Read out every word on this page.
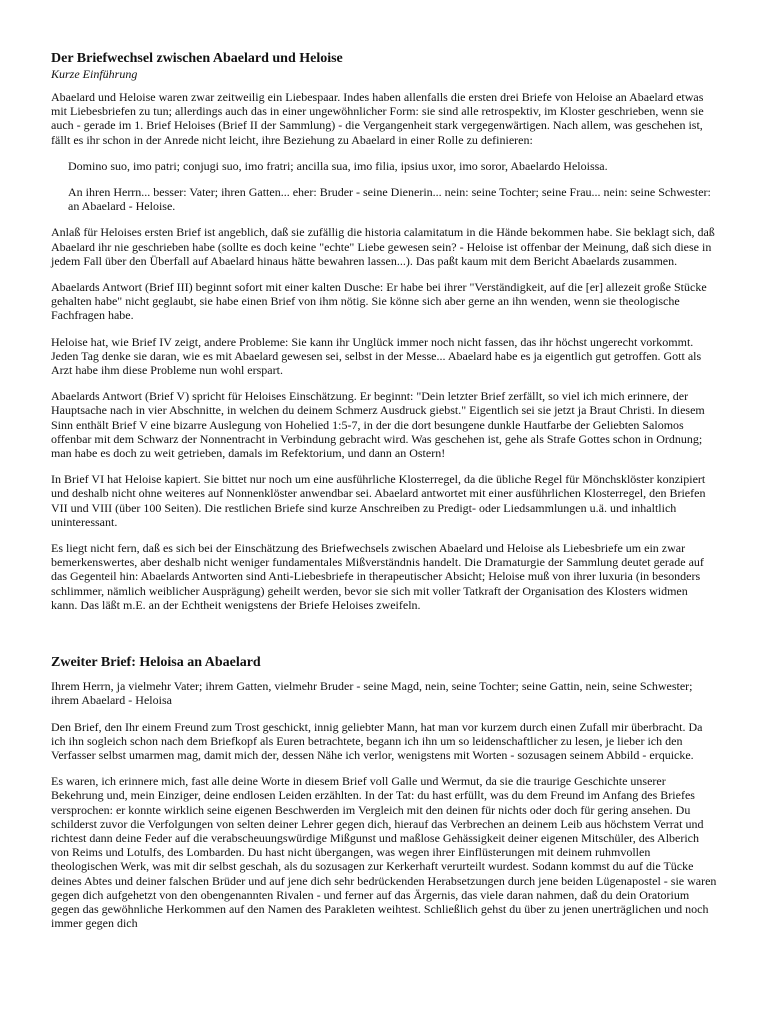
Der Briefwechsel zwischen Abaelard und Heloise
Kurze Einführung

Abaelard und Heloise waren zwar zeitweilig ein Liebespaar. Indes haben allenfalls die ersten drei Briefe von Heloise an Abaelard etwas mit Liebesbriefen zu tun; allerdings auch das in einer ungewöhnlicher Form: sie sind alle retrospektiv, im Kloster geschrieben, wenn sie auch - gerade im 1. Brief Heloises (Brief II der Sammlung) - die Vergangenheit stark vergegenwärtigen. Nach allem, was geschehen ist, fällt es ihr schon in der Anrede nicht leicht, ihre Beziehung zu Abaelard in einer Rolle zu definieren:

Domino suo, imo patri; conjugi suo, imo fratri; ancilla sua, imo filia, ipsius uxor, imo soror, Abaelardo Heloissa.
An ihren Herrn... besser: Vater; ihren Gatten... eher: Bruder - seine Dienerin... nein: seine Tochter; seine Frau... nein: seine Schwester: an Abaelard - Heloise.

Anlaß für Heloises ersten Brief ist angeblich, daß sie zufällig die historia calamitatum in die Hände bekommen habe. Sie beklagt sich, daß Abaelard ihr nie geschrieben habe (sollte es doch keine "echte" Liebe gewesen sein? - Heloise ist offenbar der Meinung, daß sich diese in jedem Fall über den Überfall auf Abaelard hinaus hätte bewahren lassen...). Das paßt kaum mit dem Bericht Abaelards zusammen.

Abaelards Antwort (Brief III) beginnt sofort mit einer kalten Dusche: Er habe bei ihrer "Verständigkeit, auf die [er] allezeit große Stücke gehalten habe" nicht geglaubt, sie habe einen Brief von ihm nötig. Sie könne sich aber gerne an ihn wenden, wenn sie theologische Fachfragen habe.

Heloise hat, wie Brief IV zeigt, andere Probleme: Sie kann ihr Unglück immer noch nicht fassen, das ihr höchst ungerecht vorkommt. Jeden Tag denke sie daran, wie es mit Abaelard gewesen sei, selbst in der Messe... Abaelard habe es ja eigentlich gut getroffen. Gott als Arzt habe ihm diese Probleme nun wohl erspart.

Abaelards Antwort (Brief V) spricht für Heloises Einschätzung. Er beginnt: "Dein letzter Brief zerfällt, so viel ich mich erinnere, der Hauptsache nach in vier Abschnitte, in welchen du deinem Schmerz Ausdruck giebst." Eigentlich sei sie jetzt ja Braut Christi. In diesem Sinn enthält Brief V eine bizarre Auslegung von Hohelied 1:5-7, in der die dort besungene dunkle Hautfarbe der Geliebten Salomos offenbar mit dem Schwarz der Nonnentracht in Verbindung gebracht wird. Was geschehen ist, gehe als Strafe Gottes schon in Ordnung; man habe es doch zu weit getrieben, damals im Refektorium, und dann an Ostern!

In Brief VI hat Heloise kapiert. Sie bittet nur noch um eine ausführliche Klosterregel, da die übliche Regel für Mönchsklöster konzipiert und deshalb nicht ohne weiteres auf Nonnenklöster anwendbar sei. Abaelard antwortet mit einer ausführlichen Klosterregel, den Briefen VII und VIII (über 100 Seiten). Die restlichen Briefe sind kurze Anschreiben zu Predigt- oder Liedsammlungen u.ä. und inhaltlich uninteressant.

Es liegt nicht fern, daß es sich bei der Einschätzung des Briefwechsels zwischen Abaelard und Heloise als Liebesbriefe um ein zwar bemerkenswertes, aber deshalb nicht weniger fundamentales Mißverständnis handelt. Die Dramaturgie der Sammlung deutet gerade auf das Gegenteil hin: Abaelards Antworten sind Anti-Liebesbriefe in therapeutischer Absicht; Heloise muß von ihrer luxuria (in besonders schlimmer, nämlich weiblicher Ausprägung) geheilt werden, bevor sie sich mit voller Tatkraft der Organisation des Klosters widmen kann. Das läßt m.E. an der Echtheit wenigstens der Briefe Heloises zweifeln.

Zweiter Brief: Heloisa an Abaelard

Ihrem Herrn, ja vielmehr Vater; ihrem Gatten, vielmehr Bruder - seine Magd, nein, seine Tochter; seine Gattin, nein, seine Schwester; ihrem Abaelard - Heloisa

Den Brief, den Ihr einem Freund zum Trost geschickt, innig geliebter Mann, hat man vor kurzem durch einen Zufall mir überbracht. Da ich ihn sogleich schon nach dem Briefkopf als Euren betrachtete, begann ich ihn um so leidenschaftlicher zu lesen, je lieber ich den Verfasser selbst umarmen mag, damit mich der, dessen Nähe ich verlor, wenigstens mit Worten - sozusagen seinem Abbild - erquicke.

Es waren, ich erinnere mich, fast alle deine Worte in diesem Brief voll Galle und Wermut, da sie die traurige Geschichte unserer Bekehrung und, mein Einziger, deine endlosen Leiden erzählten. In der Tat: du hast erfüllt, was du dem Freund im Anfang des Briefes versprochen: er konnte wirklich seine eigenen Beschwerden im Vergleich mit den deinen für nichts oder doch für gering ansehen. Du schilderst zuvor die Verfolgungen von selten deiner Lehrer gegen dich, hierauf das Verbrechen an deinem Leib aus höchstem Verrat und richtest dann deine Feder auf die verabscheuungswürdige Mißgunst und maßlose Gehässigkeit deiner eigenen Mitschüler, des Alberich von Reims und Lotulfs, des Lombarden. Du hast nicht übergangen, was wegen ihrer Einflüsterungen mit deinem ruhmvollen theologischen Werk, was mit dir selbst geschah, als du sozusagen zur Kerkerhaft verurteilt wurdest. Sodann kommst du auf die Tücke deines Abtes und deiner falschen Brüder und auf jene dich sehr bedrückenden Herabsetzungen durch jene beiden Lügenapostel - sie waren gegen dich aufgehetzt von den obengenannten Rivalen - und ferner auf das Ärgernis, das viele daran nahmen, daß du dein Oratorium gegen das gewöhnliche Herkommen auf den Namen des Parakleten weihtest. Schließlich gehst du über zu jenen unerträglichen und noch immer gegen dich
